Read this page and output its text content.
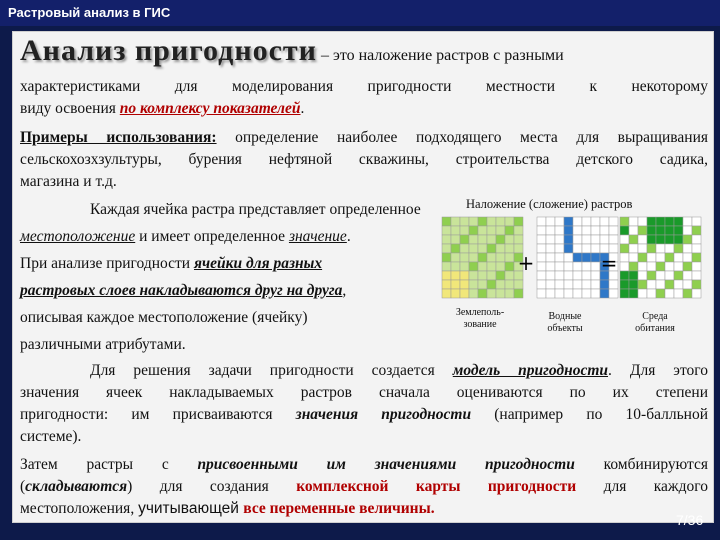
Растровый анализ в ГИС
Анализ пригодности – это наложение растров с разными
характеристиками для моделирования пригодности местности к некоторому
виду освоения по комплексу показателей.
Примеры использования: определение наиболее подходящего места для выращивания
сельскохозхзультуры, бурения нефтяной скважины, строительства детского садика,
магазина и т.д.
Каждая ячейка растра представляет определенное
местоположение и имеет определенное значение.
При анализе пригодности ячейки для разных
растровых слоев накладываются друг на друга,
описывая каждое местоположение (ячейку)
различными атрибутами.
Для решения задачи пригодности создается модель пригодности. Для этого
значения ячеек накладываемых растров сначала оцениваются по их степени
пригодности: им присваиваются значения пригодности (например по 10-балльной
системе).
Затем растры с присвоенными им значениями пригодности комбинируются
(складываются) для создания комплексной карты пригодности для каждого
местоположения, учитывающей все переменные величины.
Наложение (сложение) растров
+	=
Землеполь-
зование
Водные
объекты
Среда
обитания
7/36
